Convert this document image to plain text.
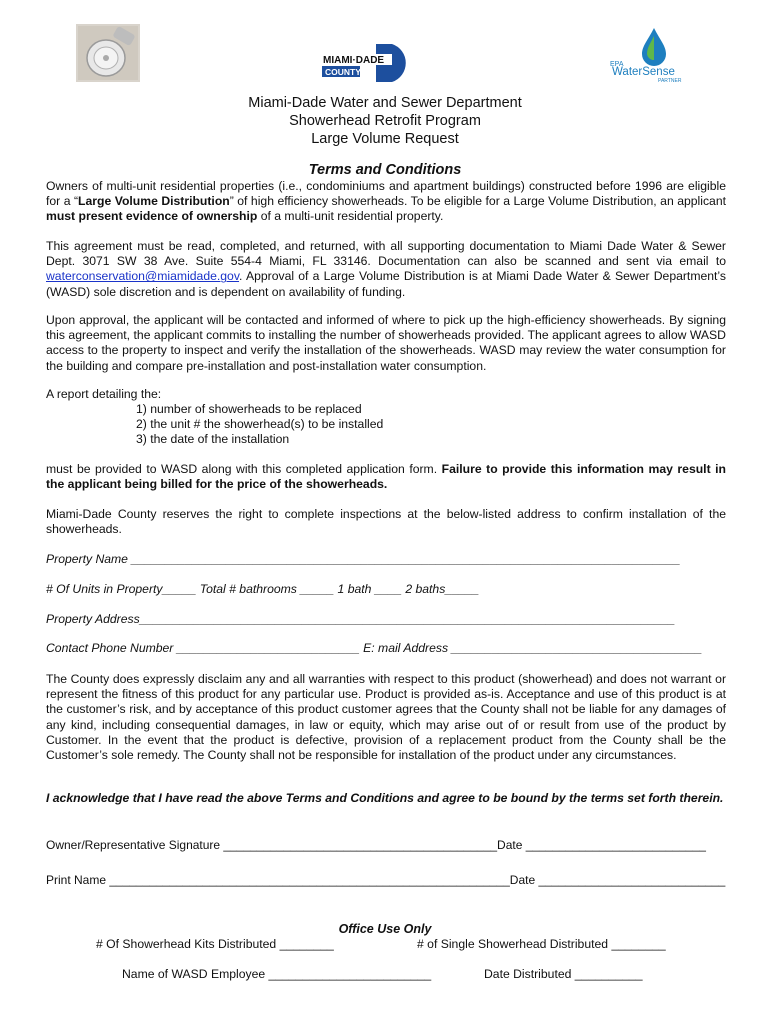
MIAMI·DADE
COUNTY
EPA
WaterSense
PARTNER
Miami-Dade Water and Sewer Department
Showerhead Retrofit Program
Large Volume Request
Terms and Conditions

Owners of multi-unit residential properties (i.e., condominiums and apartment buildings) constructed before 1996 are eligible for a “Large Volume Distribution” of high efficiency showerheads. To be eligible for a Large Volume Distribution, an applicant must present evidence of ownership of a multi-unit residential property.

This agreement must be read, completed, and returned, with all supporting documentation to Miami Dade Water & Sewer Dept. 3071 SW 38 Ave. Suite 554-4 Miami, FL 33146. Documentation can also be scanned and sent via email to waterconservation@miamidade.gov. Approval of a Large Volume Distribution is at Miami Dade Water & Sewer Department’s (WASD) sole discretion and is dependent on availability of funding.

Upon approval, the applicant will be contacted and informed of where to pick up the high-efficiency showerheads. By signing this agreement, the applicant commits to installing the number of showerheads provided. The applicant agrees to allow WASD access to the property to inspect and verify the installation of the showerheads. WASD may review the water consumption for the building and compare pre-installation and post-installation water consumption.

A report detailing the:

1) number of showerheads to be replaced
2) the unit # the showerhead(s) to be installed
3) the date of the installation

must be provided to WASD along with this completed application form. Failure to provide this information may result in the applicant being billed for the price of the showerheads.

Miami-Dade County reserves the right to complete inspections at the below-listed address to confirm installation of the showerheads.

Property Name _________________________________________________________________________________
# Of Units in Property_____ Total # bathrooms _____ 1 bath ____ 2 baths_____
Property Address_______________________________________________________________________________
Contact Phone Number ___________________________ E: mail Address _____________________________________

The County does expressly disclaim any and all warranties with respect to this product (showerhead) and does not warrant or represent the fitness of this product for any particular use. Product is provided as-is. Acceptance and use of this product is at the customer’s risk, and by acceptance of this product customer agrees that the County shall not be liable for any damages of any kind, including consequential damages, in law or equity, which may arise out of or result from use of the product by Customer. In the event that the product is defective, provision of a replacement product from the County shall be the Customer’s sole remedy. The County shall not be responsible for installation of the product under any circumstances.

I acknowledge that I have read the above Terms and Conditions and agree to be bound by the terms set forth therein.

Owner/Representative Signature _________________________________________Date ___________________________
Print Name ____________________________________________________________Date ____________________________
Office Use Only
# Of Showerhead Kits Distributed ________	# of Single Showerhead Distributed ________
Name of WASD Employee ________________________	Date Distributed __________
